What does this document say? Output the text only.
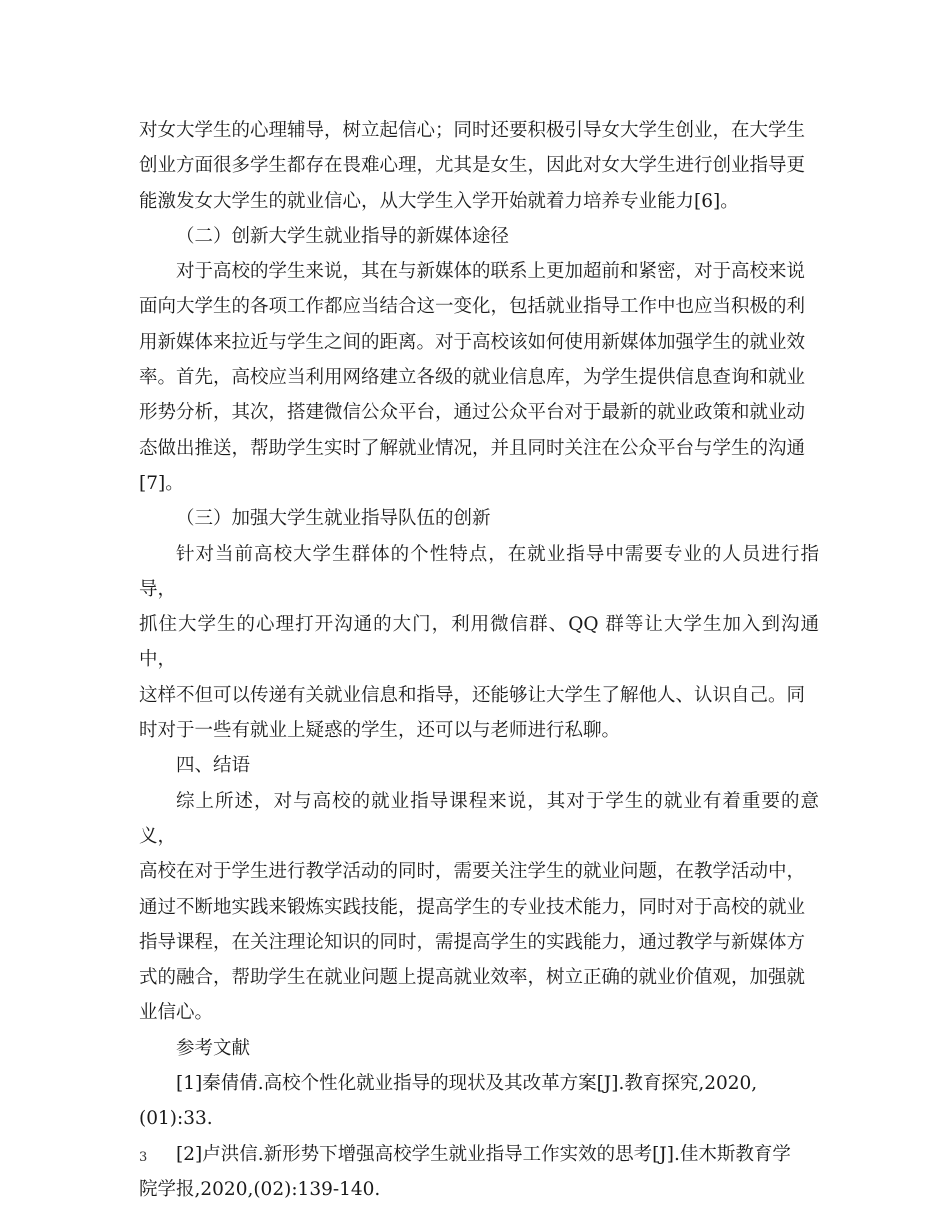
对女大学生的心理辅导，树立起信心；同时还要积极引导女大学生创业，在大学生

创业方面很多学生都存在畏难心理，尤其是女生，因此对女大学生进行创业指导更

能激发女大学生的就业信心，从大学生入学开始就着力培养专业能力[6]。

（二）创新大学生就业指导的新媒体途径

对于高校的学生来说，其在与新媒体的联系上更加超前和紧密，对于高校来说

面向大学生的各项工作都应当结合这一变化，包括就业指导工作中也应当积极的利

用新媒体来拉近与学生之间的距离。对于高校该如何使用新媒体加强学生的就业效

率。首先，高校应当利用网络建立各级的就业信息库，为学生提供信息查询和就业

形势分析，其次，搭建微信公众平台，通过公众平台对于最新的就业政策和就业动

态做出推送，帮助学生实时了解就业情况，并且同时关注在公众平台与学生的沟通

[7]。

（三）加强大学生就业指导队伍的创新

针对当前高校大学生群体的个性特点，在就业指导中需要专业的人员进行指导，

抓住大学生的心理打开沟通的大门，利用微信群、QQ 群等让大学生加入到沟通中，

这样不但可以传递有关就业信息和指导，还能够让大学生了解他人、认识自己。同

时对于一些有就业上疑惑的学生，还可以与老师进行私聊。

四、结语

综上所述，对与高校的就业指导课程来说，其对于学生的就业有着重要的意义，

高校在对于学生进行教学活动的同时，需要关注学生的就业问题，在教学活动中，

通过不断地实践来锻炼实践技能，提高学生的专业技术能力，同时对于高校的就业

指导课程，在关注理论知识的同时，需提高学生的实践能力，通过教学与新媒体方

式的融合，帮助学生在就业问题上提高就业效率，树立正确的就业价值观，加强就

业信心。

参考文献

[1]秦倩倩.高校个性化就业指导的现状及其改革方案[J].教育探究,2020,

(01):33.

[2]卢洪信.新形势下增强高校学生就业指导工作实效的思考[J].佳木斯教育学

院学报,2020,(02):139-140.

3
